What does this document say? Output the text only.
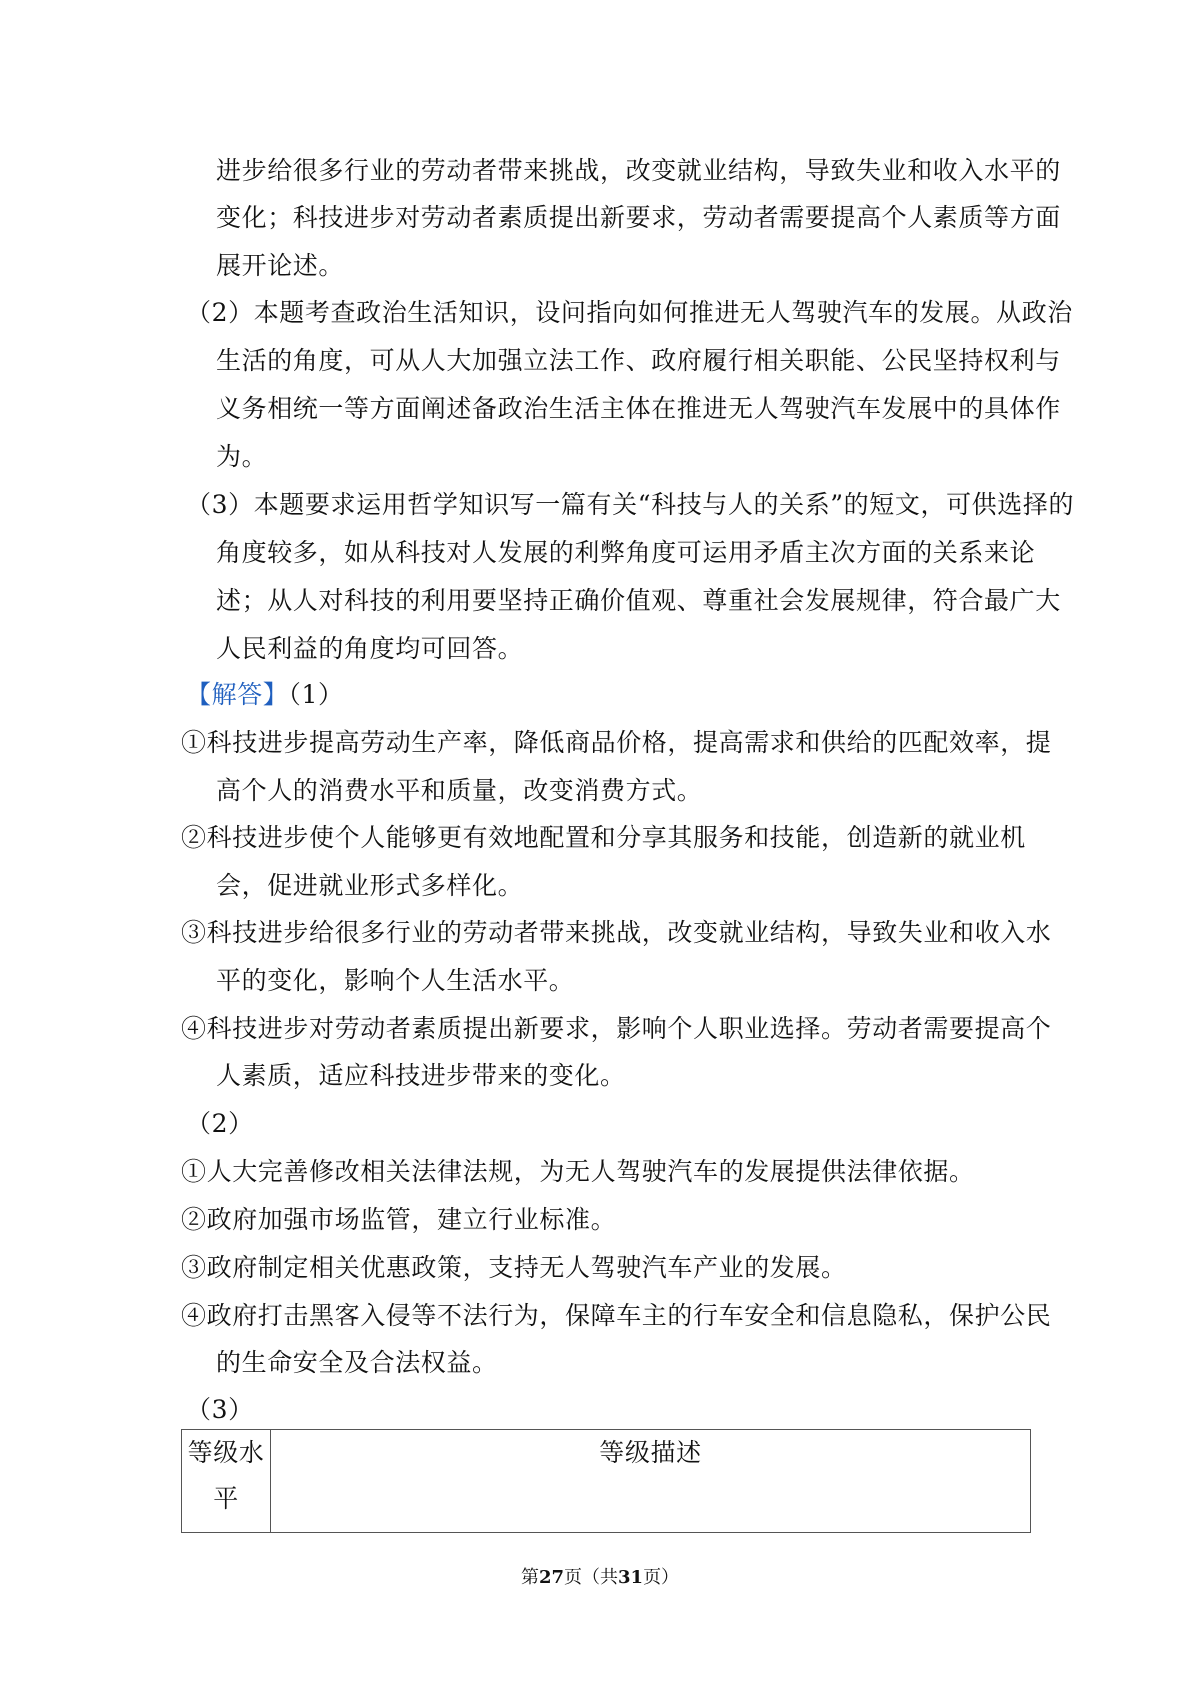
进步给很多行业的劳动者带来挑战，改变就业结构，导致失业和收入水平的
变化；科技进步对劳动者素质提出新要求，劳动者需要提高个人素质等方面
展开论述。
（2）本题考查政治生活知识，设问指向如何推进无人驾驶汽车的发展。从政治
生活的角度，可从人大加强立法工作、政府履行相关职能、公民坚持权利与
义务相统一等方面阐述备政治生活主体在推进无人驾驶汽车发展中的具体作
为。
（3）本题要求运用哲学知识写一篇有关“科技与人的关系”的短文，可供选择的
角度较多，如从科技对人发展的利弊角度可运用矛盾主次方面的关系来论
述；从人对科技的利用要坚持正确价值观、尊重社会发展规律，符合最广大
人民利益的角度均可回答。
【解答】（1）
①科技进步提高劳动生产率，降低商品价格，提高需求和供给的匹配效率，提
高个人的消费水平和质量，改变消费方式。
②科技进步使个人能够更有效地配置和分享其服务和技能，创造新的就业机
会，促进就业形式多样化。
③科技进步给很多行业的劳动者带来挑战，改变就业结构，导致失业和收入水
平的变化，影响个人生活水平。
④科技进步对劳动者素质提出新要求，影响个人职业选择。劳动者需要提高个
人素质，适应科技进步带来的变化。
（2）
①人大完善修改相关法律法规，为无人驾驶汽车的发展提供法律依据。
②政府加强市场监管，建立行业标准。
③政府制定相关优惠政策，支持无人驾驶汽车产业的发展。
④政府打击黑客入侵等不法行为，保障车主的行车安全和信息隐私，保护公民
的生命安全及合法权益。
（3）
等级水平	等级描述
第27页（共31页）
